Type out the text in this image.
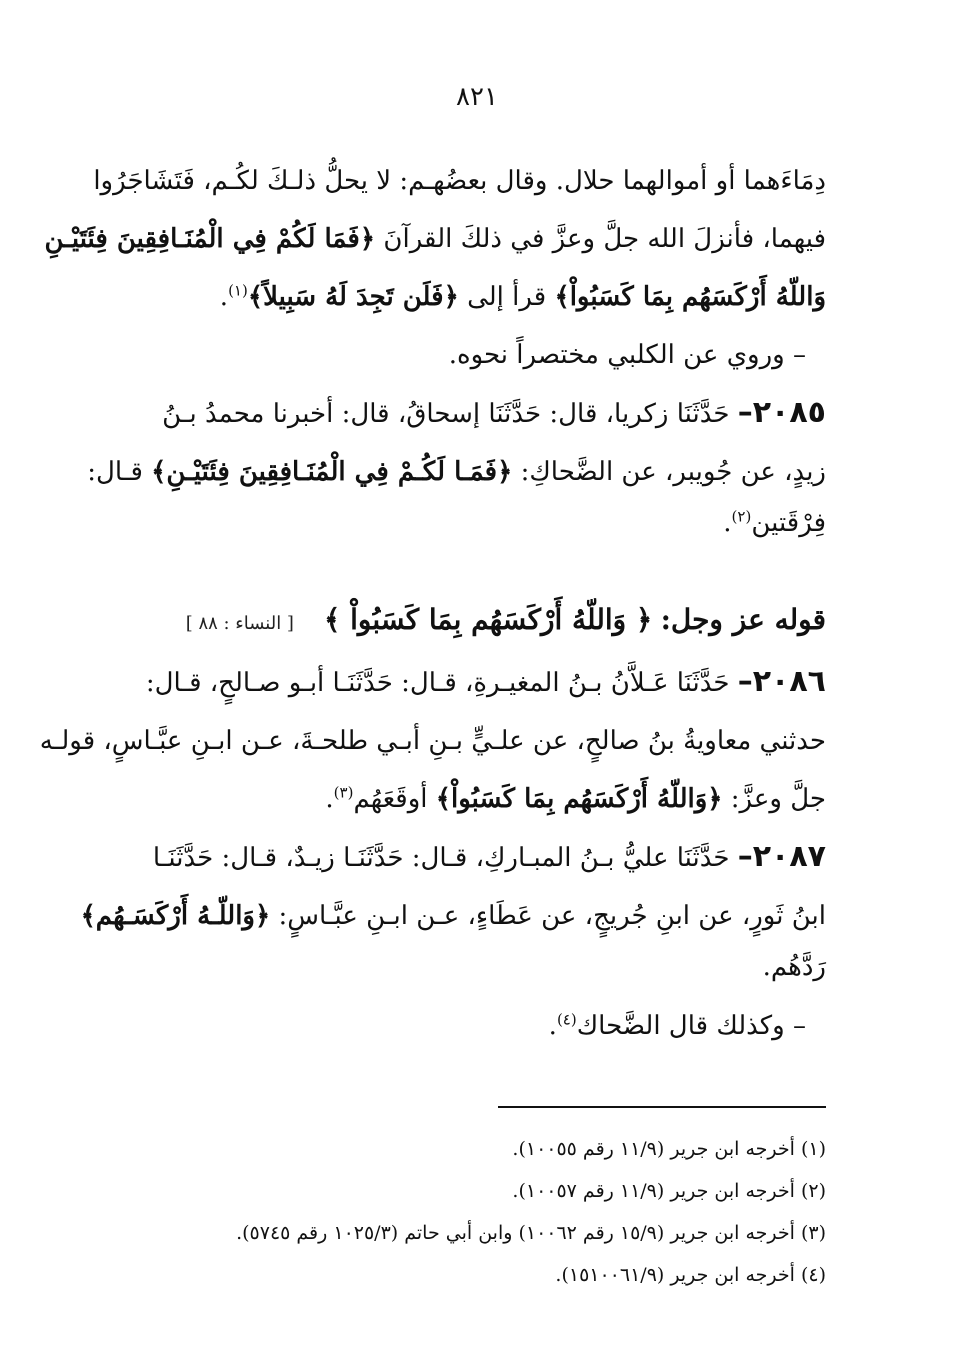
٨٢١
دِمَاءَهما أو أموالهما حلال. وقال بعضُهـم: لا يحلُّ ذلـكَ لكُـم، فَتَشَاجَرُوا
فيهما، فأنزلَ الله جلَّ وعزَّ في ذلكَ القرآنَ ﴿فَمَا لَكُمْ فِي الْمُنَـافِقِينَ فِئَتَيْـنِ
وَاللّهُ أَرْكَسَهُم بِمَا كَسَبُواْ﴾ قرأ إلى ﴿فَلَن تَجِدَ لَهُ سَبِيلاً﴾$^{(١)}$.
– وروي عن الكلبي مختصراً نحوه.
٢٠٨٥– حَدَّثَنَا زكريا، قال: حَدَّثَنَا إسحاقُ، قال: أخبرنا محمدُ بـنُ
زيدٍ، عن جُويبر، عن الضَّحاكِ: ﴿فَمَـا لَكُـمْ فِي الْمُنَـافِقِينَ فِئَتَيْـنِ﴾ قـال:
فِرْقَتين$^{(٢)}$.
قوله عز وجل: ﴿ وَاللّهُ أَرْكَسَهُم بِمَا كَسَبُواْ ﴾[ النساء : ٨٨ ]
٢٠٨٦– حَدَّثَنَا عَـلاَّنُ بـنُ المغيـرةِ، قـال: حَدَّثَنَـا أبـو صـالحٍ، قـال:
حدثني معاويةُ بنُ صالحٍ، عن علـيٍّ بـنِ أبـي طلحـةَ، عـن ابـنِ عبَّـاسٍ، قولـه
جلَّ وعزَّ: ﴿وَاللّهُ أَرْكَسَهُم بِمَا كَسَبُواْ﴾ أوقَعَهُم$^{(٣)}$.
٢٠٨٧– حَدَّثَنَا عليُّ بـنُ المبـاركِ، قـال: حَدَّثَنَـا زيـدٌ، قـال: حَدَّثَنَـا
ابنُ ثَورٍ، عن ابنِ جُريجٍ، عن عَطَاءٍ، عـن ابـنِ عبَّـاسٍ: ﴿وَاللّـهُ أَرْكَسَـهُم﴾
رَدَّهُم.
– وكذلك قال الضَّحاك$^{(٤)}$.
(١) أخرجه ابن جرير (١١/٩ رقم ١٠٠٥٥).
(٢) أخرجه ابن جرير (١١/٩ رقم ١٠٠٥٧).
(٣) أخرجه ابن جرير (١٥/٩ رقم ١٠٠٦٢) وابن أبي حاتم (١٠٢٥/٣ رقم ٥٧٤٥).
(٤) أخرجه ابن جرير (١٥١٠٠٦١/٩).
